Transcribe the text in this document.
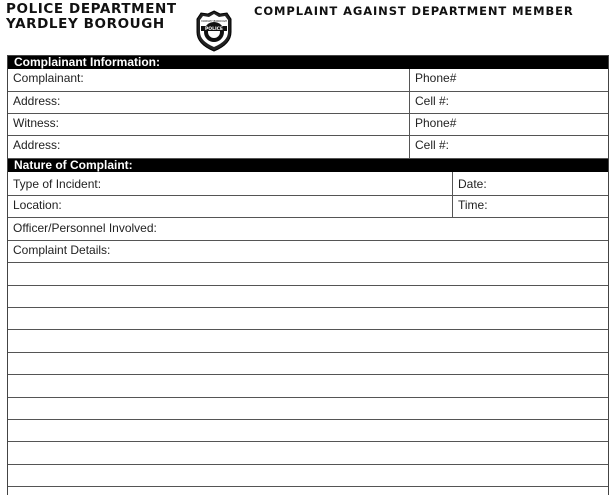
POLICE DEPARTMENT
YARDLEY BOROUGH	POLICE
YARDLEY BOROUGH
COMPLAINT AGAINST DEPARTMENT MEMBER
Complainant Information:
Complainant:	Phone#
Address:	Cell #:
Witness:	Phone#
Address:	Cell #:
Nature of Complaint:
Type of Incident:	Date:
Location:	Time:
Officer/Personnel Involved:
Complaint Details:
